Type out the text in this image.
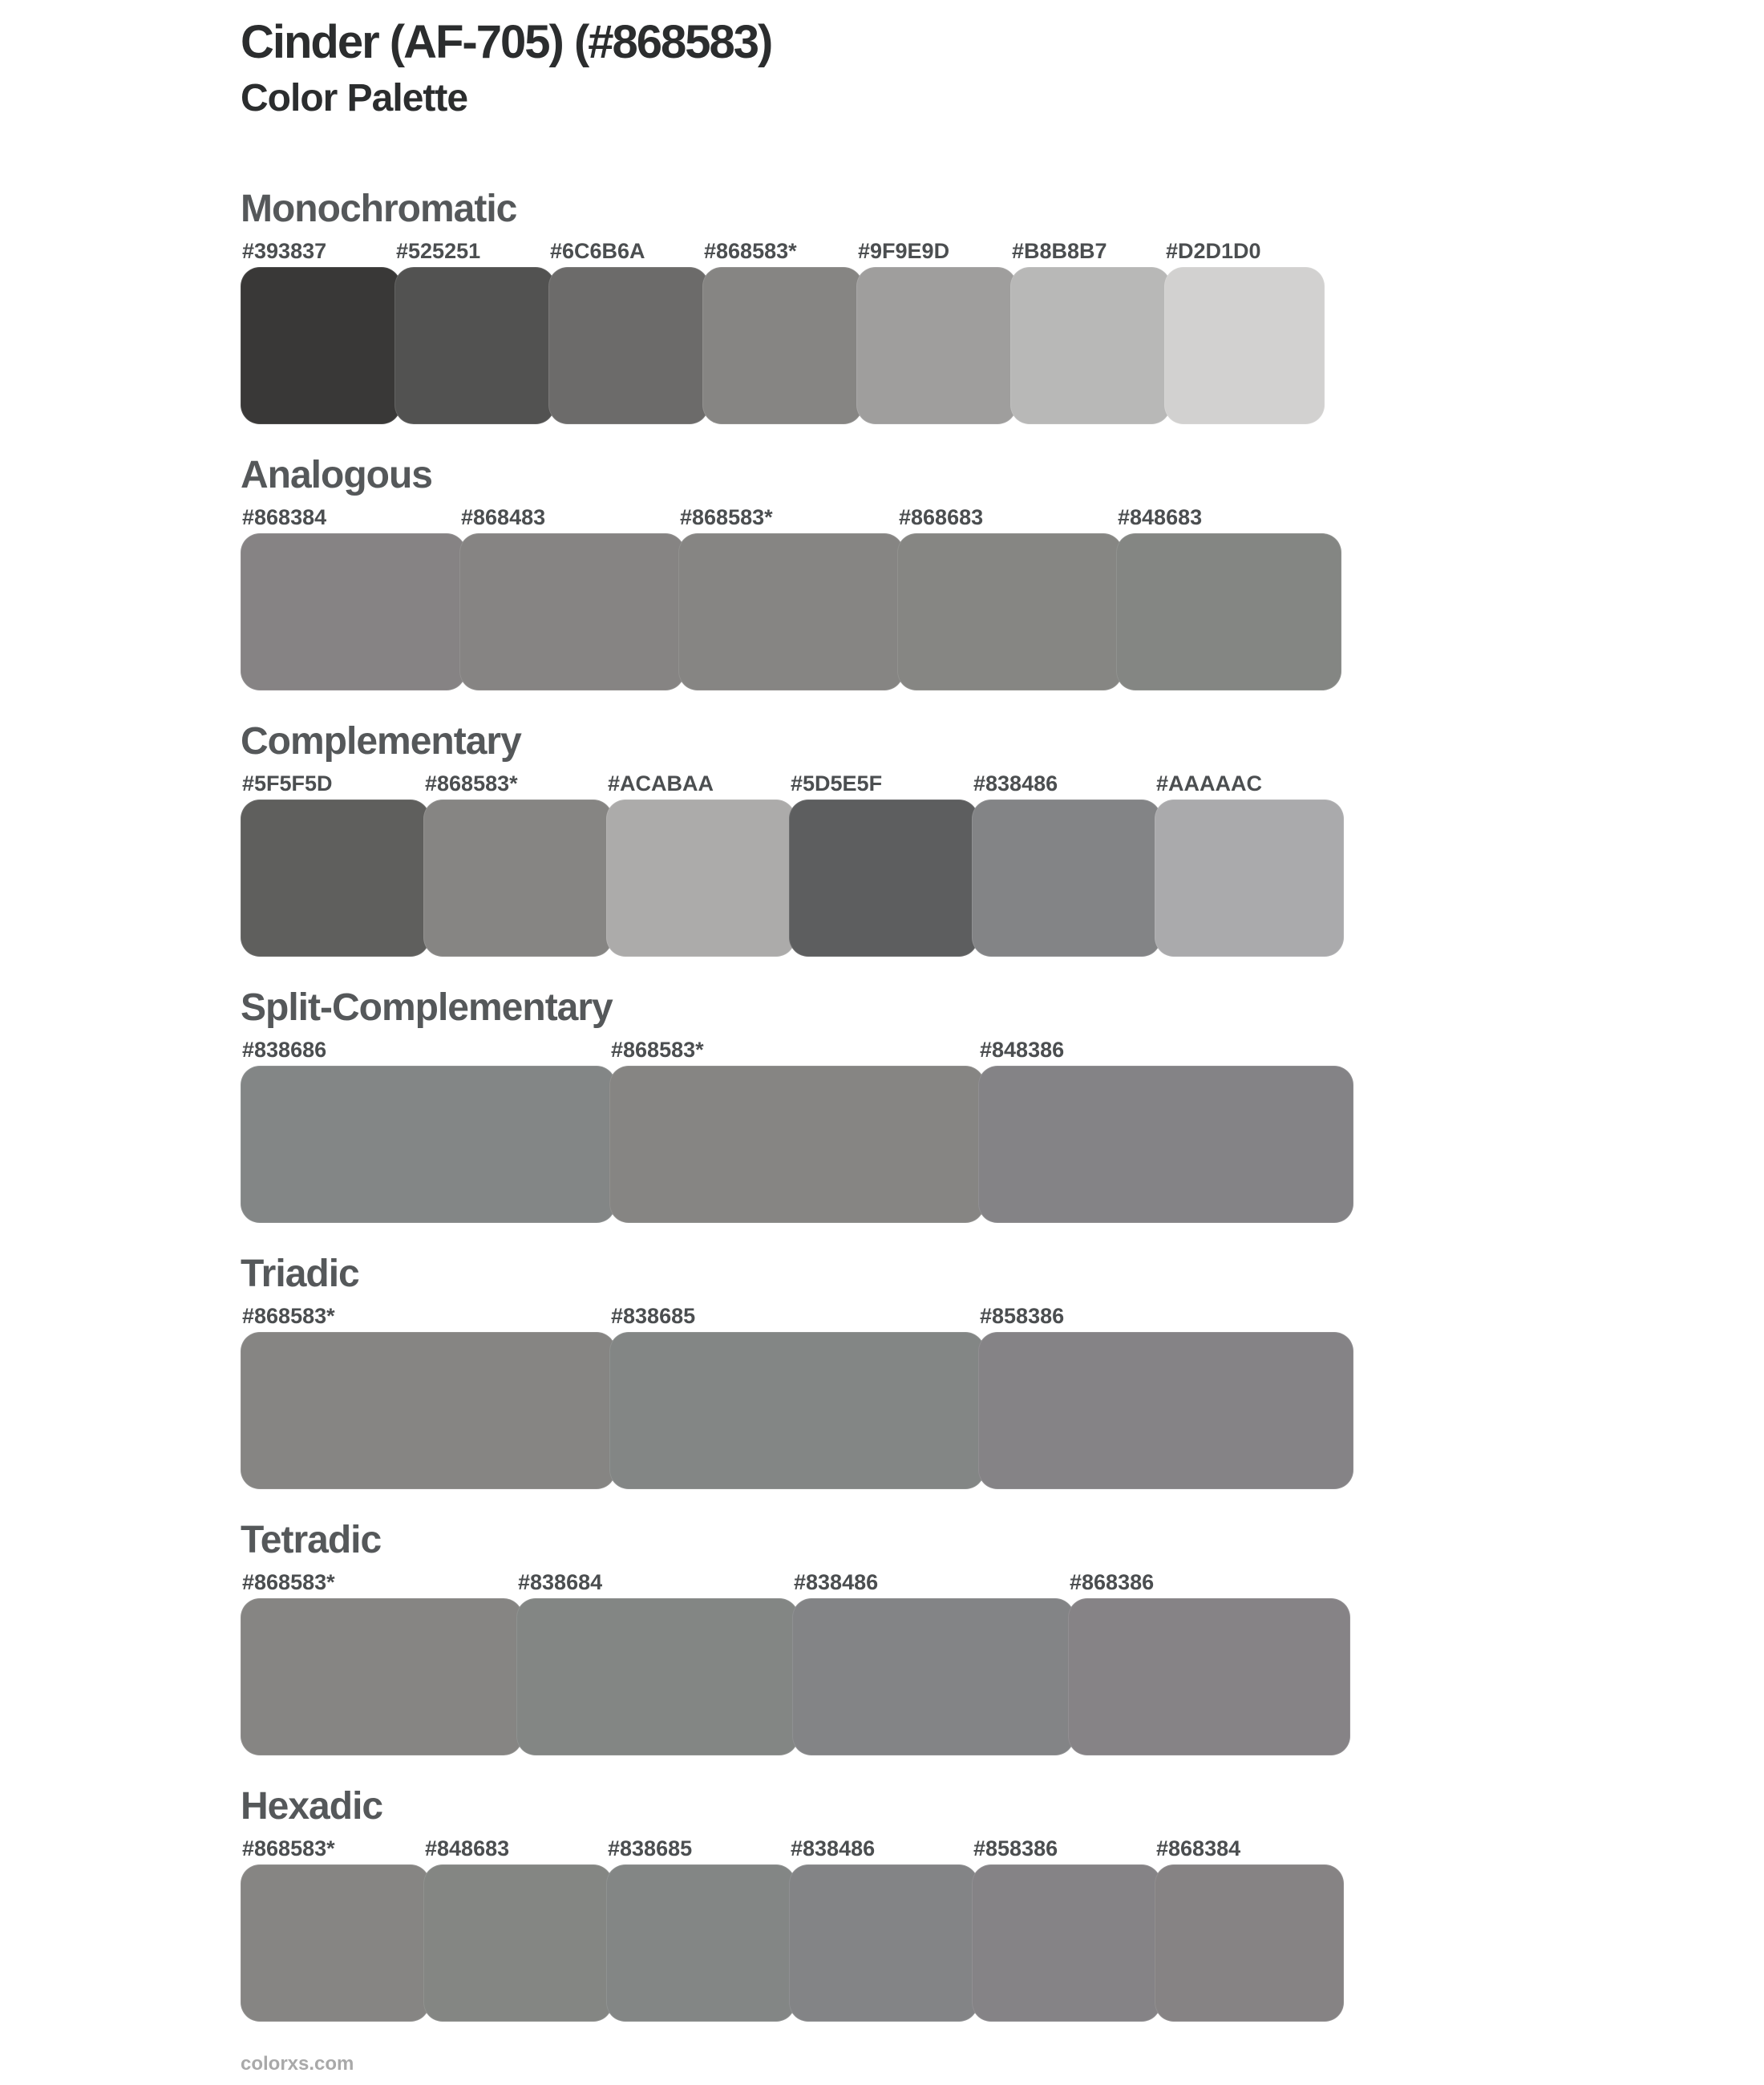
Cinder (AF-705) (#868583)
Color Palette
Monochromatic
#393837	#525251	#6C6B6A	#868583*	#9F9E9D	#B8B8B7	#D2D1D0
Analogous
#868384	#868483	#868583*	#868683	#848683
Complementary
#5F5F5D	#868583*	#ACABAA	#5D5E5F	#838486	#AAAAAC
Split-Complementary
#838686	#868583*	#848386
Triadic
#868583*	#838685	#858386
Tetradic
#868583*	#838684	#838486	#868386
Hexadic
#868583*	#848683	#838685	#838486	#858386	#868384
colorxs.com
